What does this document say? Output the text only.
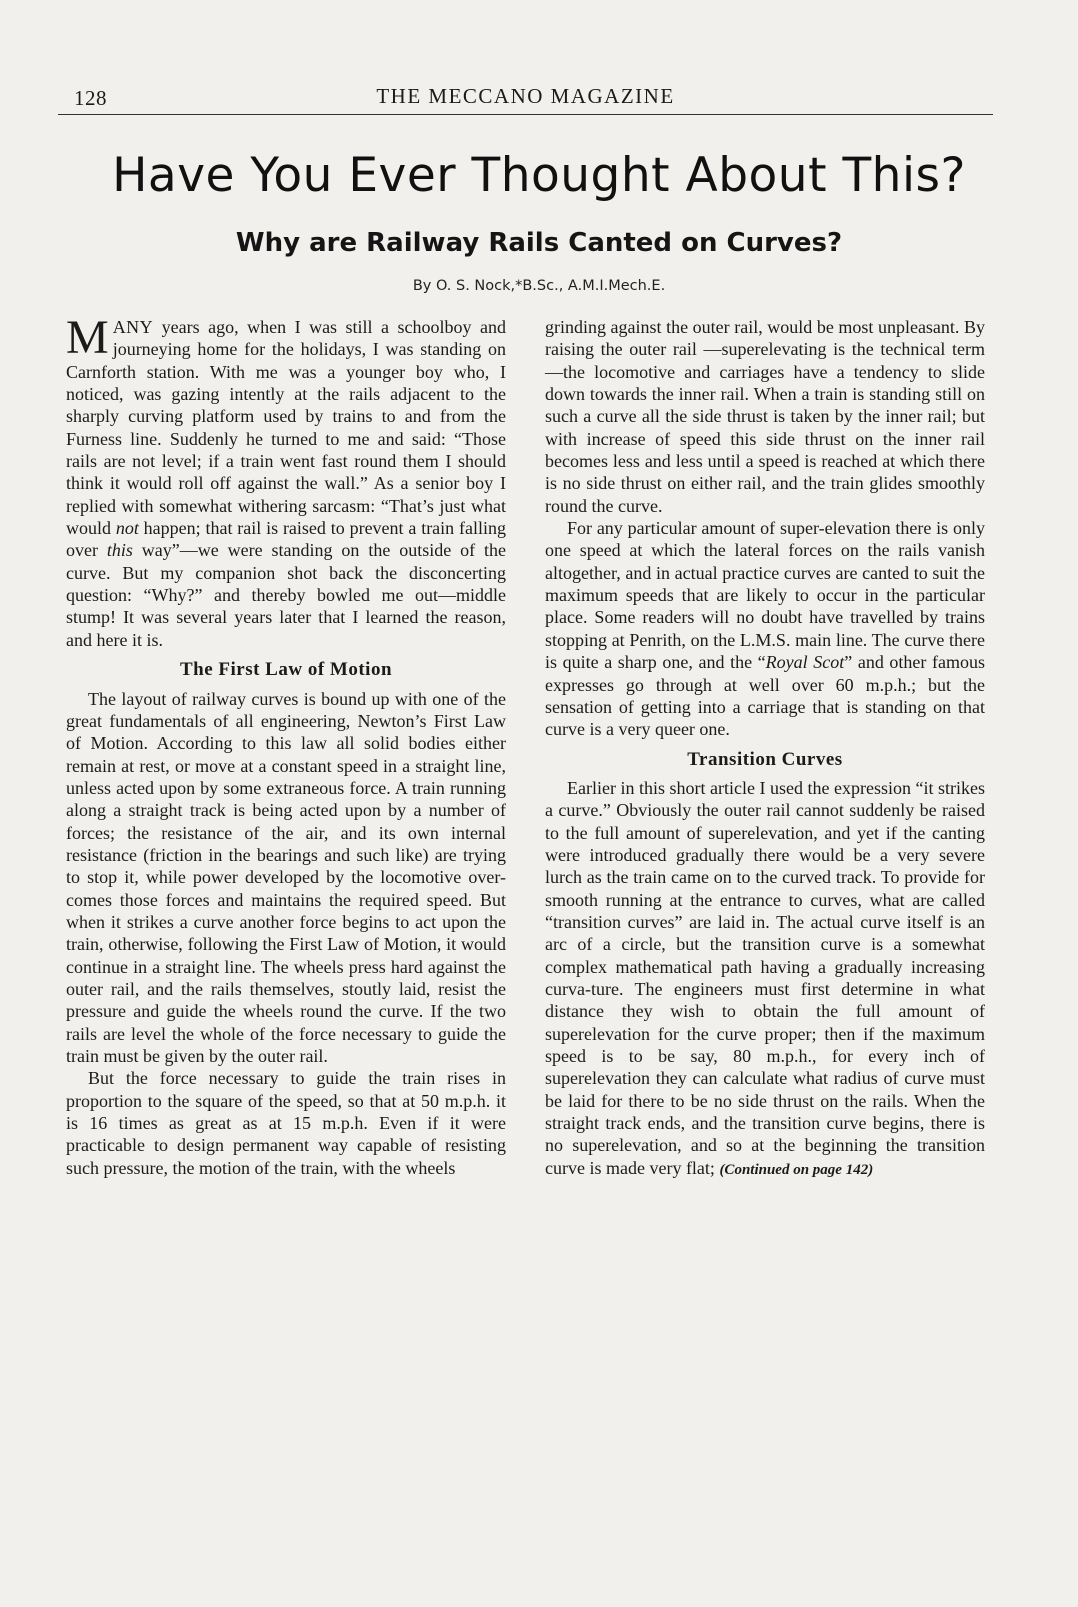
128	THE MECCANO MAGAZINE
Have You Ever Thought About This?
Why are Railway Rails Canted on Curves?
By O. S. Nock,*B.Sc., A.M.I.Mech.E.

MANY years ago, when I was still a schoolboy and journeying home for the holidays, I was standing on Carnforth station. With me was a younger boy who, I noticed, was gazing intently at the rails adjacent to the sharply curving platform used by trains to and from the Furness line. Suddenly he turned to me and said: “Those rails are not level; if a train went fast round them I should think it would roll off against the wall.” As a senior boy I replied with somewhat withering sarcasm: “That’s just what would not happen; that rail is raised to prevent a train falling over this way”—we were standing on the outside of the curve. But my companion shot back the disconcerting question: “Why?” and thereby bowled me out—middle stump! It was several years later that I learned the reason, and here it is.

The First Law of Motion

The layout of railway curves is bound up with one of the great fundamentals of all engineering, Newton’s First Law of Motion. According to this law all solid bodies either remain at rest, or move at a constant speed in a straight line, unless acted upon by some extraneous force. A train running along a straight track is being acted upon by a number of forces; the resistance of the air, and its own internal resistance (friction in the bearings and such like) are trying to stop it, while power developed by the locomotive over-comes those forces and maintains the required speed. But when it strikes a curve another force begins to act upon the train, otherwise, following the First Law of Motion, it would continue in a straight line. The wheels press hard against the outer rail, and the rails themselves, stoutly laid, resist the pressure and guide the wheels round the curve. If the two rails are level the whole of the force necessary to guide the train must be given by the outer rail.

But the force necessary to guide the train rises in proportion to the square of the speed, so that at 50 m.p.h. it is 16 times as great as at 15 m.p.h. Even if it were practicable to design permanent way capable of resisting such pressure, the motion of the train, with the wheels

grinding against the outer rail, would be most unpleasant. By raising the outer rail —superelevating is the technical term—the locomotive and carriages have a tendency to slide down towards the inner rail. When a train is standing still on such a curve all the side thrust is taken by the inner rail; but with increase of speed this side thrust on the inner rail becomes less and less until a speed is reached at which there is no side thrust on either rail, and the train glides smoothly round the curve.

For any particular amount of super-elevation there is only one speed at which the lateral forces on the rails vanish altogether, and in actual practice curves are canted to suit the maximum speeds that are likely to occur in the particular place. Some readers will no doubt have travelled by trains stopping at Penrith, on the L.M.S. main line. The curve there is quite a sharp one, and the “Royal Scot” and other famous expresses go through at well over 60 m.p.h.; but the sensation of getting into a carriage that is standing on that curve is a very queer one.

Transition Curves

Earlier in this short article I used the expression “it strikes a curve.” Obviously the outer rail cannot suddenly be raised to the full amount of superelevation, and yet if the canting were introduced gradually there would be a very severe lurch as the train came on to the curved track. To provide for smooth running at the entrance to curves, what are called “transition curves” are laid in. The actual curve itself is an arc of a circle, but the transition curve is a somewhat complex mathematical path having a gradually increasing curva-ture. The engineers must first determine in what distance they wish to obtain the full amount of superelevation for the curve proper; then if the maximum speed is to be say, 80 m.p.h., for every inch of superelevation they can calculate what radius of curve must be laid for there to be no side thrust on the rails. When the straight track ends, and the transition curve begins, there is no superelevation, and so at the beginning the transition curve is made very flat; (Continued on page 142)
